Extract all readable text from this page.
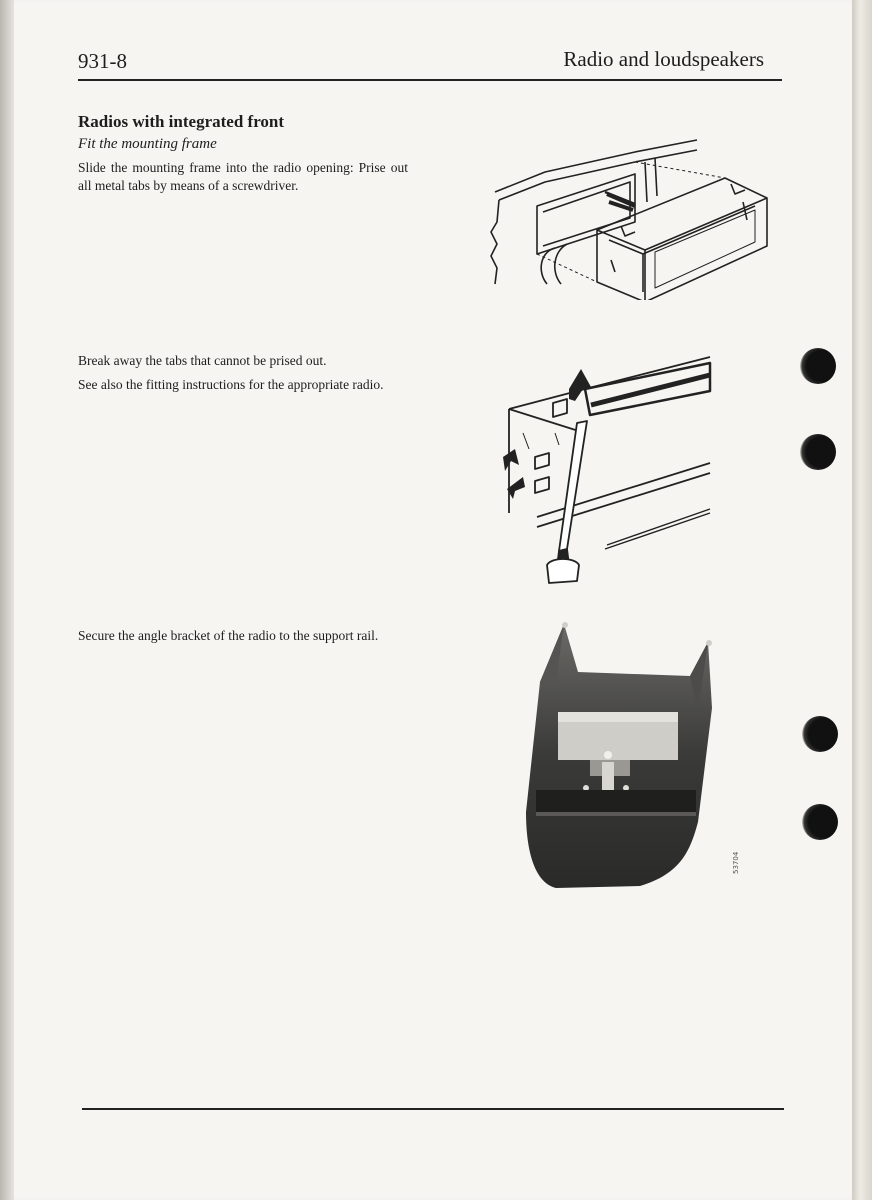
931-8	Radio and loudspeakers
Radios with integrated front
Fit the mounting frame
Slide the mounting frame into the radio opening: Prise out all metal tabs by means of a screwdriver.
Break away the tabs that cannot be prised out.
See also the fitting instructions for the appropriate radio.
Secure the angle bracket of the radio to the support rail.
53704
